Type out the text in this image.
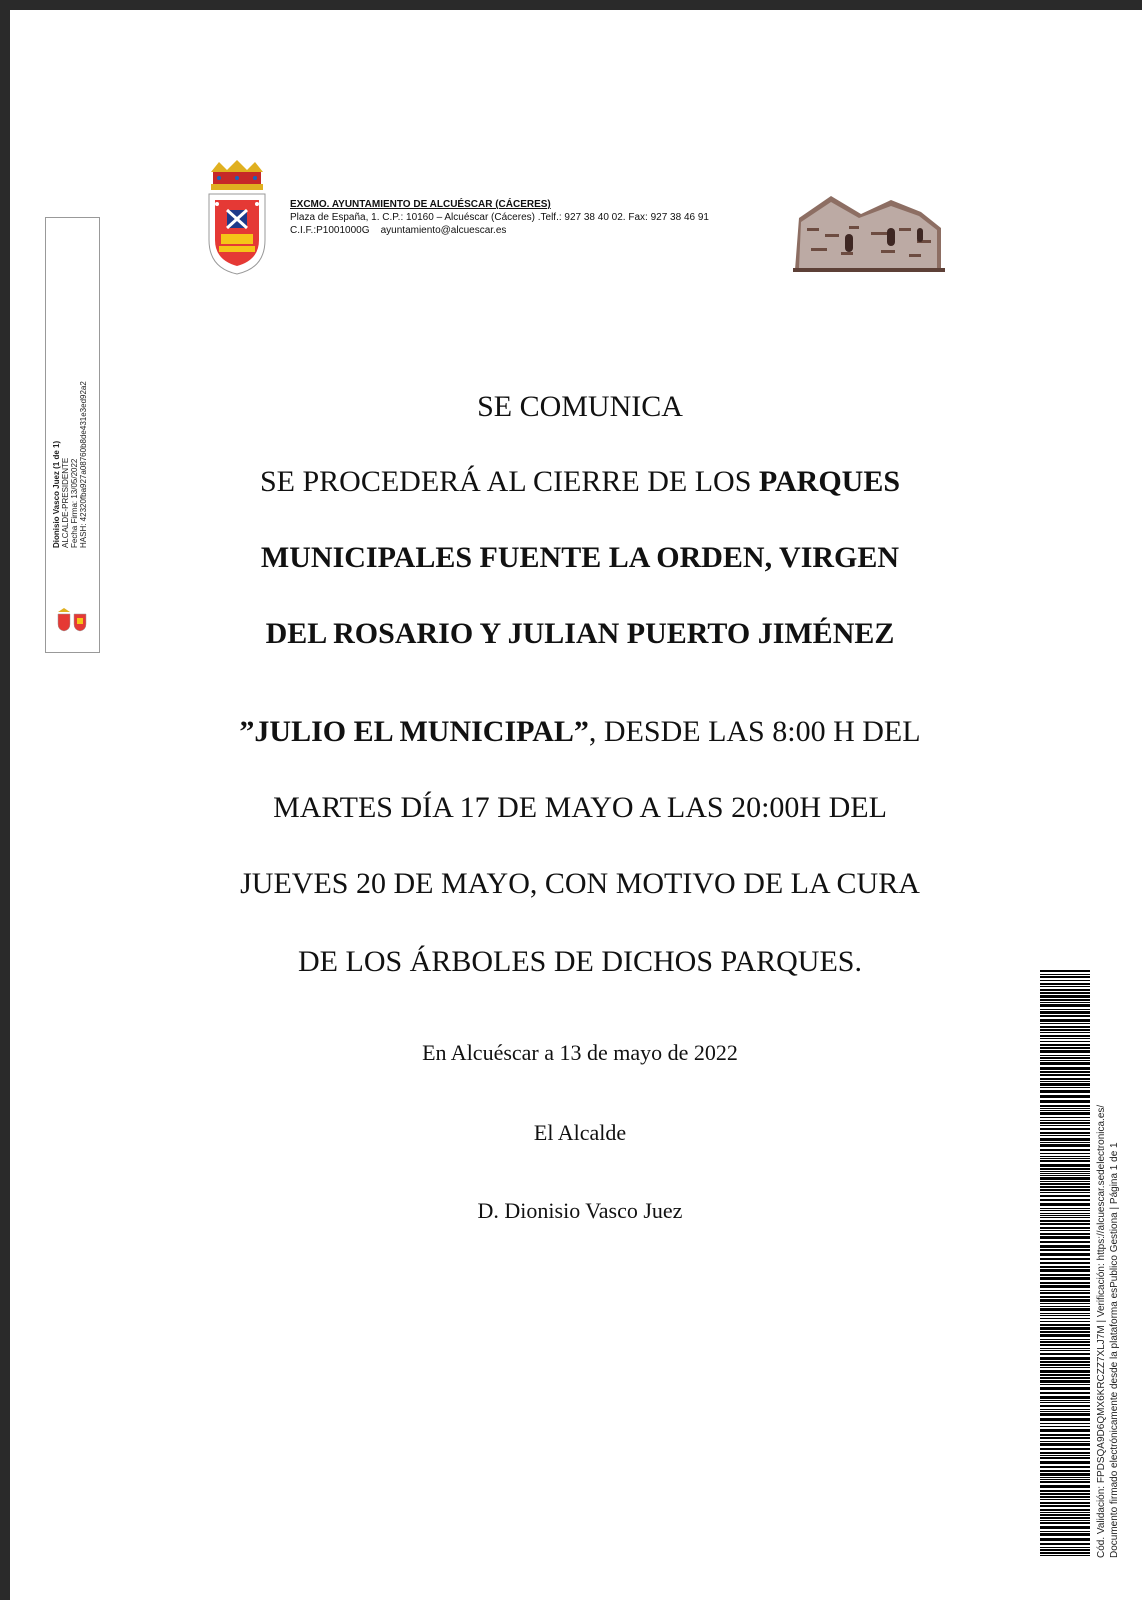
EXCMO. AYUNTAMIENTO DE ALCUÉSCAR (CÁCERES)
Plaza de España, 1. C.P.: 10160 – Alcuéscar (Cáceres) .Telf.: 927 38 40 02. Fax: 927 38 46 91
C.I.F.:P1001000G    ayuntamiento@alcuescar.es
Dionisio Vasco Juez (1 de 1) ALCALDE-PRESIDENTE Fecha Firma: 13/05/2022 HASH: 42320fba927a08760b8de431e3ed92a2	SE COMUNICA
SE PROCEDERÁ AL CIERRE DE LOS PARQUES
MUNICIPALES FUENTE LA ORDEN, VIRGEN
DEL ROSARIO Y JULIAN PUERTO JIMÉNEZ
”JULIO EL MUNICIPAL”, DESDE LAS 8:00 H DEL
MARTES DÍA 17 DE MAYO A LAS 20:00H DEL
JUEVES 20 DE MAYO, CON MOTIVO DE LA CURA
DE LOS ÁRBOLES DE DICHOS PARQUES.
En Alcuéscar a 13 de mayo de 2022
El Alcalde
D. Dionisio Vasco Juez	Cód. Validación: FPDSQA9D6QMX6KRCZZ7XLJ7M | Verificación: https://alcuescar.sedelectronica.es/ Documento firmado electrónicamente desde la plataforma esPublico Gestiona | Página 1 de 1
